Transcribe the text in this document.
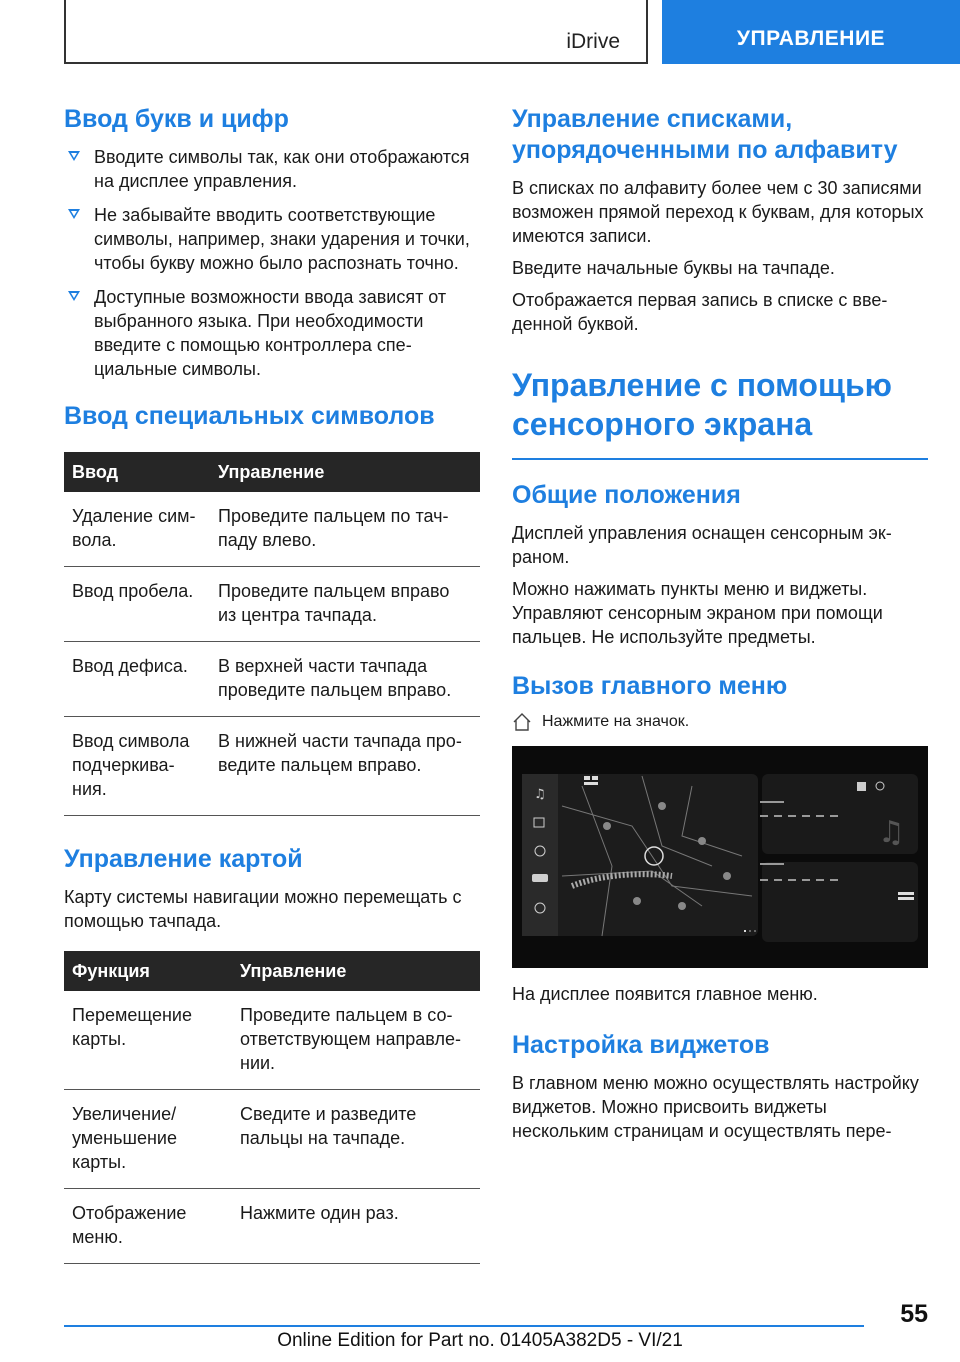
iDrive	УПРАВЛЕНИЕ
Ввод букв и цифр
Вводите символы так, как они отображаются на дисплее управления.
Не забывайте вводить соответствующие символы, например, знаки ударения и точки, чтобы букву можно было распознать точно.
Доступные возможности ввода зависят от выбранного языка. При необходимости введите с помощью контроллера специальные символы.
Ввод специальных символов
Ввод	Управление
Удаление символа.	Проведите пальцем по тачпаду влево.
Ввод пробела.	Проведите пальцем вправо из центра тачпада.
Ввод дефиса.	В верхней части тачпада проведите пальцем вправо.
Ввод символа подчеркивания.	В нижней части тачпада проведите пальцем вправо.
Управление картой

Карту системы навигации можно перемещать с помощью тачпада.

Функция	Управление
Перемещение карты.	Проведите пальцем в соответствующем направлении.
Увеличение/ уменьшение карты.	Сведите и разведите пальцы на тачпаде.
Отображение меню.	Нажмите один раз.
Управление списками, упорядоченными по алфавиту

В списках по алфавиту более чем с 30 записями возможен прямой переход к буквам, для которых имеются записи.

Введите начальные буквы на тачпаде.

Отображается первая запись в списке с введенной буквой.

Управление с помощью сенсорного экрана
Общие положения

Дисплей управления оснащен сенсорным экраном.

Можно нажимать пункты меню и виджеты. Управляют сенсорным экраном при помощи пальцев. Не используйте предметы.

Вызов главного меню
Нажмите на значок.
♫
♫

На дисплее появится главное меню.

Настройка виджетов

В главном меню можно осуществлять настройку виджетов. Можно присвоить виджеты нескольким страницам и осуществлять пере-

55
Online Edition for Part no. 01405A382D5 - VI/21
